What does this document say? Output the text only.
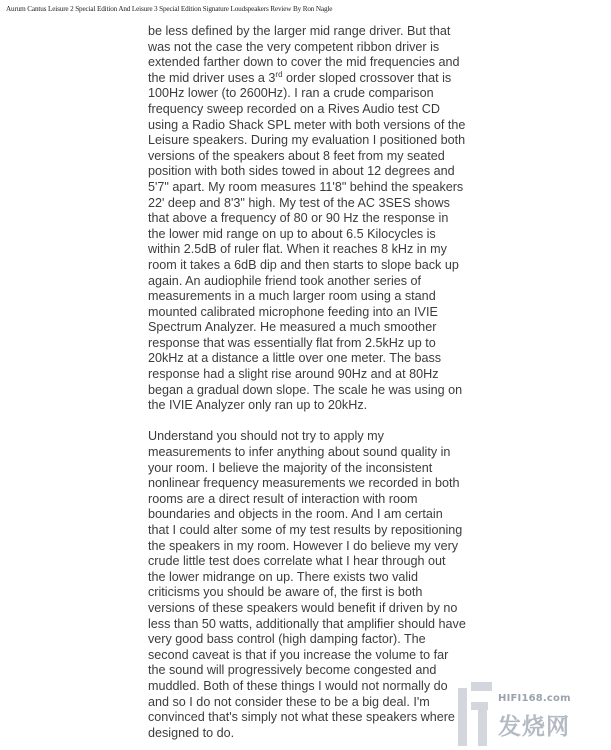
Aurum Cantus Leisure 2 Special Edition And Leisure 3 Special Edition Signature Loudspeakers Review By Ron Nagle

be less defined by the larger mid range driver. But that was not the case the very competent ribbon driver is extended farther down to cover the mid frequencies and the mid driver uses a 3rd order sloped crossover that is 100Hz lower (to 2600Hz). I ran a crude comparison frequency sweep recorded on a Rives Audio test CD using a Radio Shack SPL meter with both versions of the Leisure speakers. During my evaluation I positioned both versions of the speakers about 8 feet from my seated position with both sides towed in about 12 degrees and 5'7" apart. My room measures 11'8" behind the speakers 22' deep and 8'3" high. My test of the AC 3SES shows that above a frequency of 80 or 90 Hz the response in the lower mid range on up to about 6.5 Kilocycles is within 2.5dB of ruler flat. When it reaches 8 kHz in my room it takes a 6dB dip and then starts to slope back up again. An audiophile friend took another series of measurements in a much larger room using a stand mounted calibrated microphone feeding into an IVIE Spectrum Analyzer. He measured a much smoother response that was essentially flat from 2.5kHz up to 20kHz at a distance a little over one meter. The bass response had a slight rise around 90Hz and at 80Hz began a gradual down slope. The scale he was using on the IVIE Analyzer only ran up to 20kHz.

Understand you should not try to apply my measurements to infer anything about sound quality in your room. I believe the majority of the inconsistent nonlinear frequency measurements we recorded in both rooms are a direct result of interaction with room boundaries and objects in the room. And I am certain that I could alter some of my test results by repositioning the speakers in my room. However I do believe my very crude little test does correlate what I hear through out the lower midrange on up. There exists two valid criticisms you should be aware of, the first is both versions of these speakers would benefit if driven by no less than 50 watts, additionally that amplifier should have very good bass control (high damping factor). The second caveat is that if you increase the volume to far the sound will progressively become congested and muddled. Both of these things I would not normally do and so I do not consider these to be a big deal. I'm convinced that's simply not what these speakers where designed to do.

HIFI168.com
发烧网
